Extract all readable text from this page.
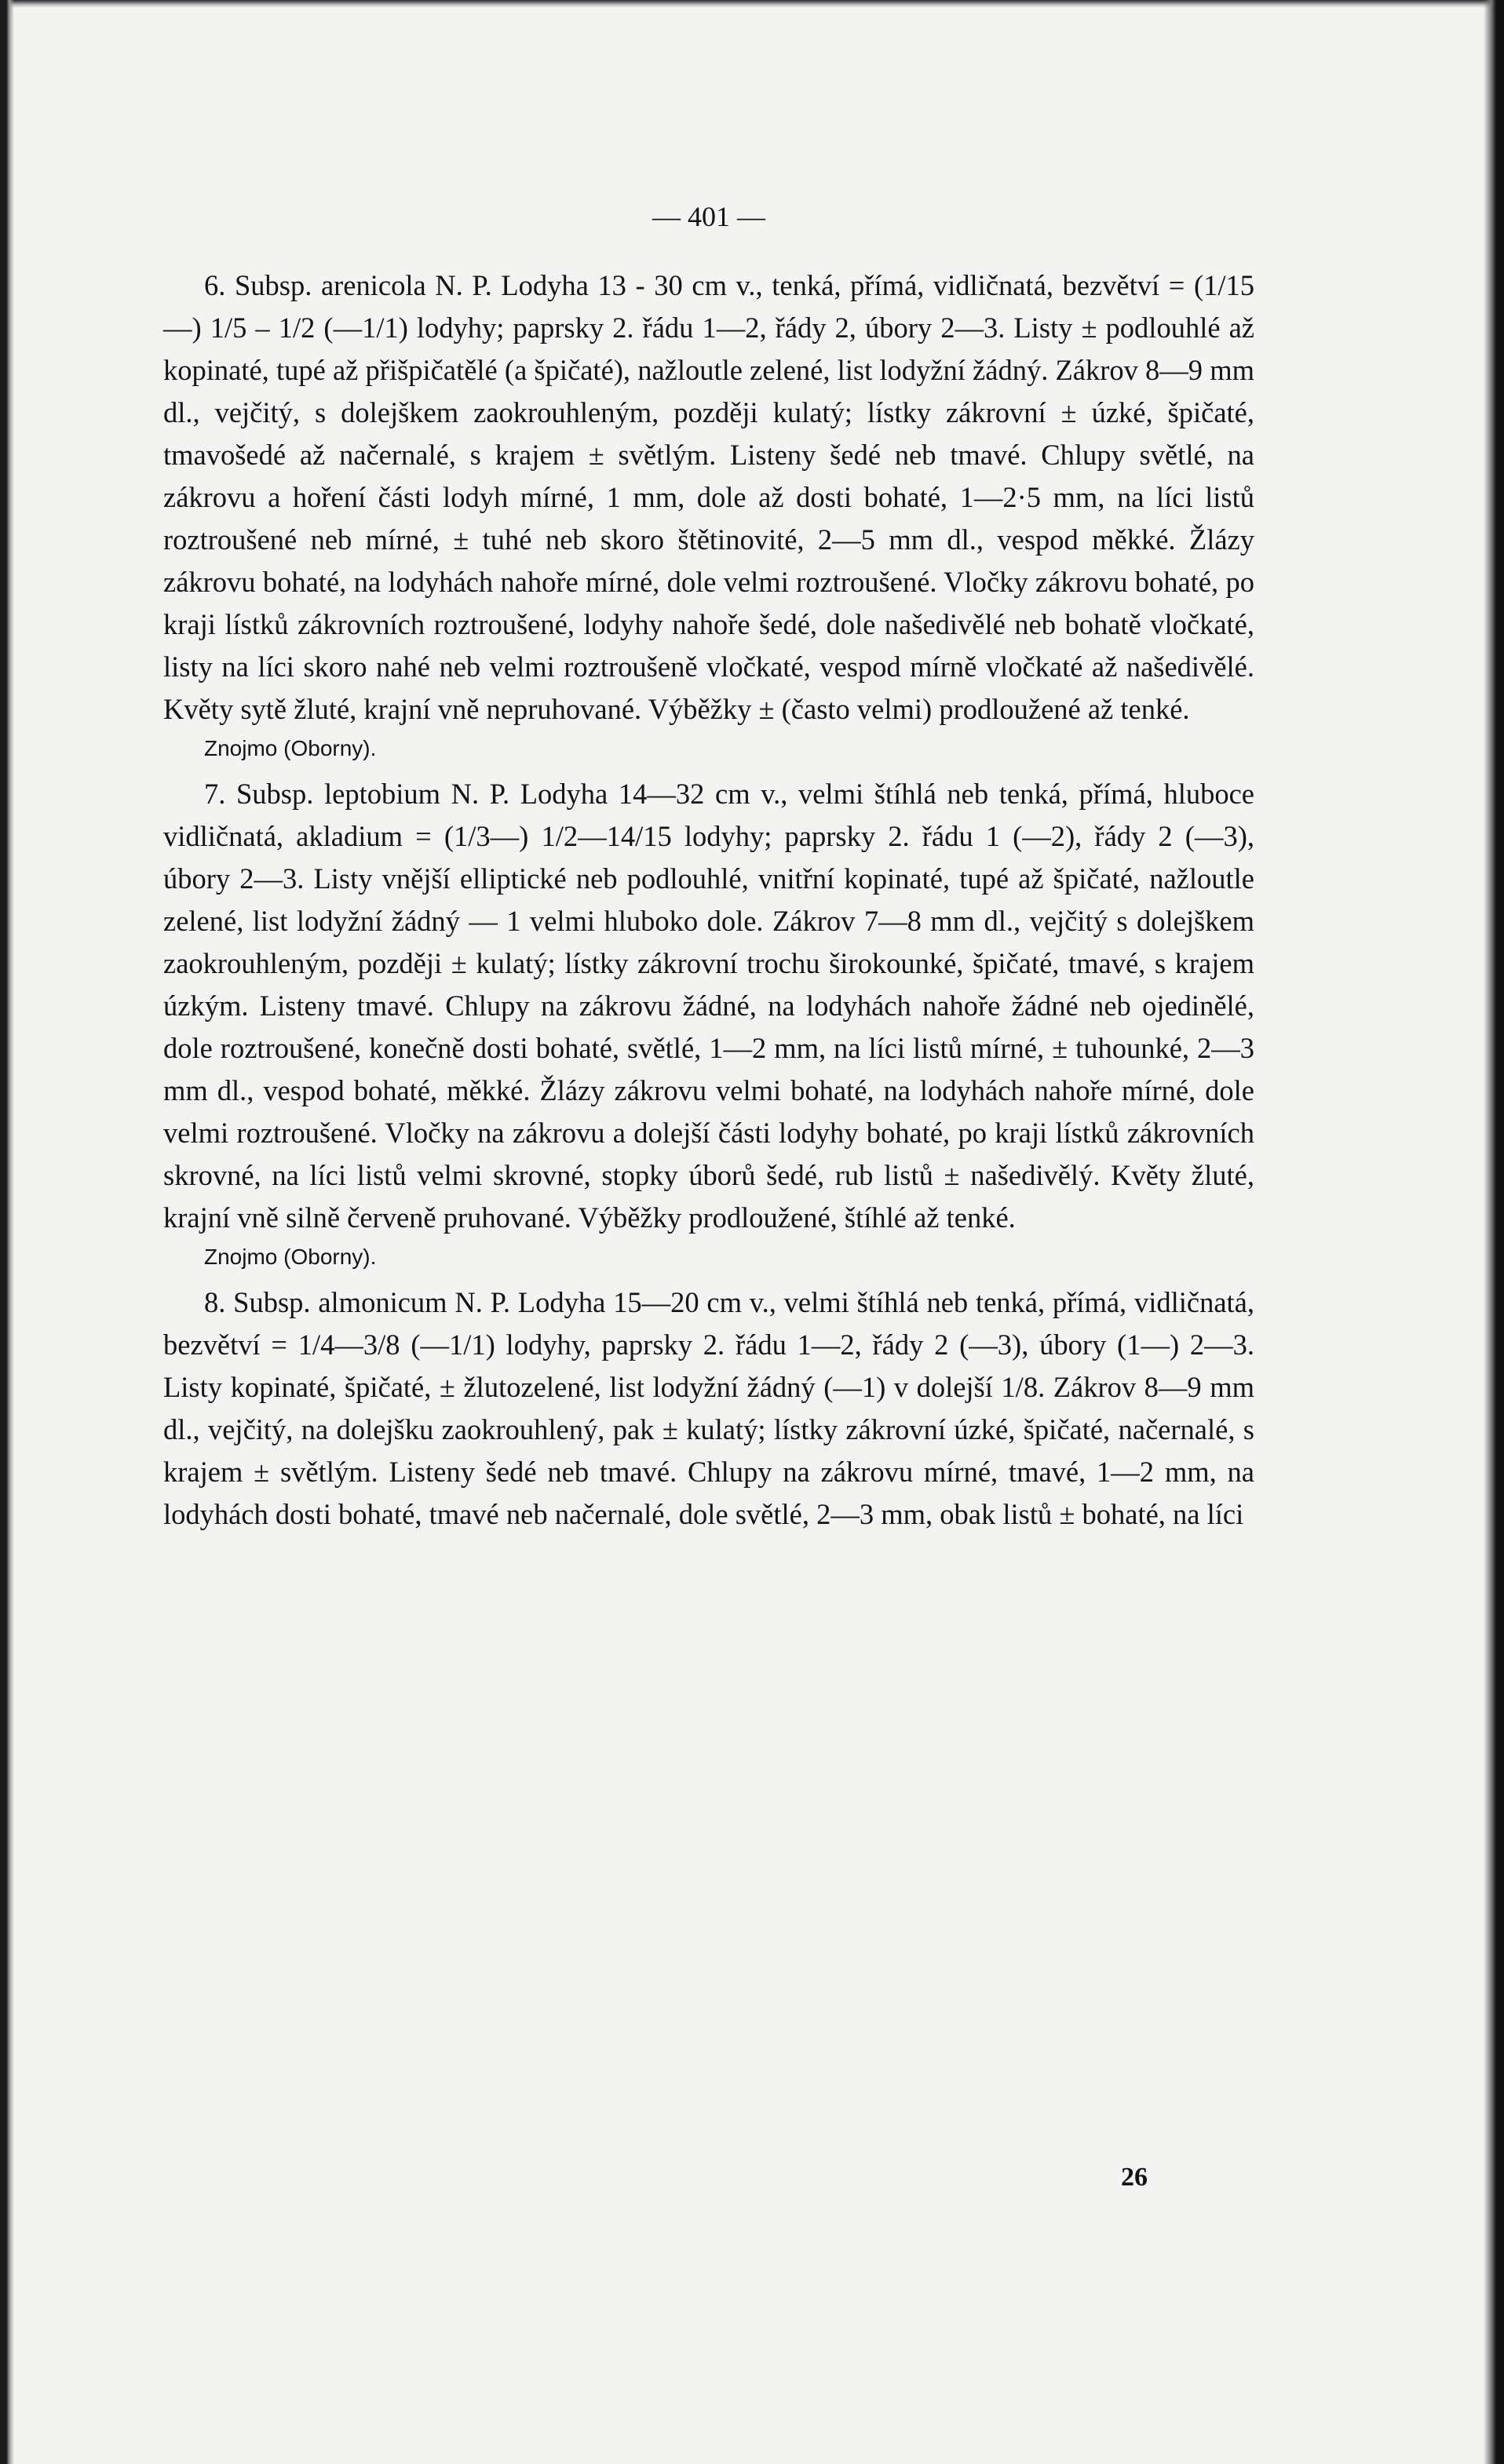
— 401 —

6. Subsp. arenicola N. P. Lodyha 13 - 30 cm v., tenká, přímá, vidličnatá, bezvětví = (1/15—) 1/5 – 1/2 (—1/1) lodyhy; paprsky 2. řádu 1—2, řády 2, úbory 2—3. Listy ± podlouhlé až kopinaté, tupé až přišpičatělé (a špičaté), nažloutle zelené, list lodyžní žádný. Zákrov 8—9 mm dl., vejčitý, s dolejškem zaokrouhleným, později kulatý; lístky zákrovní ± úzké, špičaté, tmavošedé až načernalé, s krajem ± světlým. Listeny šedé neb tmavé. Chlupy světlé, na zákrovu a hoření části lodyh mírné, 1 mm, dole až dosti bohaté, 1—2·5 mm, na líci listů roztroušené neb mírné, ± tuhé neb skoro štětinovité, 2—5 mm dl., vespod měkké. Žlázy zákrovu bohaté, na lodyhách nahoře mírné, dole velmi roztroušené. Vločky zákrovu bohaté, po kraji lístků zákrovních roztroušené, lodyhy nahoře šedé, dole našedivělé neb bohatě vločkaté, listy na líci skoro nahé neb velmi roztroušeně vločkaté, vespod mírně vločkaté až našedivělé. Květy sytě žluté, krajní vně nepruhované. Výběžky ± (často velmi) prodloužené až tenké.

Znojmo (Oborny).

7. Subsp. leptobium N. P. Lodyha 14—32 cm v., velmi štíhlá neb tenká, přímá, hluboce vidličnatá, akladium = (1/3—) 1/2—14/15 lodyhy; paprsky 2. řádu 1 (—2), řády 2 (—3), úbory 2—3. Listy vnější elliptické neb podlouhlé, vnitřní kopinaté, tupé až špičaté, nažloutle zelené, list lodyžní žádný — 1 velmi hluboko dole. Zákrov 7—8 mm dl., vejčitý s dolejškem zaokrouhleným, později ± kulatý; lístky zákrovní trochu širokounké, špičaté, tmavé, s krajem úzkým. Listeny tmavé. Chlupy na zákrovu žádné, na lodyhách nahoře žádné neb ojedinělé, dole roztroušené, konečně dosti bohaté, světlé, 1—2 mm, na líci listů mírné, ± tuhounké, 2—3 mm dl., vespod bohaté, měkké. Žlázy zákrovu velmi bohaté, na lodyhách nahoře mírné, dole velmi roztroušené. Vločky na zákrovu a dolejší části lodyhy bohaté, po kraji lístků zákrovních skrovné, na líci listů velmi skrovné, stopky úborů šedé, rub listů ± našedivělý. Květy žluté, krajní vně silně červeně pruhované. Výběžky prodloužené, štíhlé až tenké.

Znojmo (Oborny).

8. Subsp. almonicum N. P. Lodyha 15—20 cm v., velmi štíhlá neb tenká, přímá, vidličnatá, bezvětví = 1/4—3/8 (—1/1) lodyhy, paprsky 2. řádu 1—2, řády 2 (—3), úbory (1—) 2—3. Listy kopinaté, špičaté, ± žlutozelené, list lodyžní žádný (—1) v dolejší 1/8. Zákrov 8—9 mm dl., vejčitý, na dolejšku zaokrouhlený, pak ± kulatý; lístky zákrovní úzké, špičaté, načernalé, s krajem ± světlým. Listeny šedé neb tmavé. Chlupy na zákrovu mírné, tmavé, 1—2 mm, na lodyhách dosti bohaté, tmavé neb načernalé, dole světlé, 2—3 mm, obak listů ± bohaté, na líci

26
